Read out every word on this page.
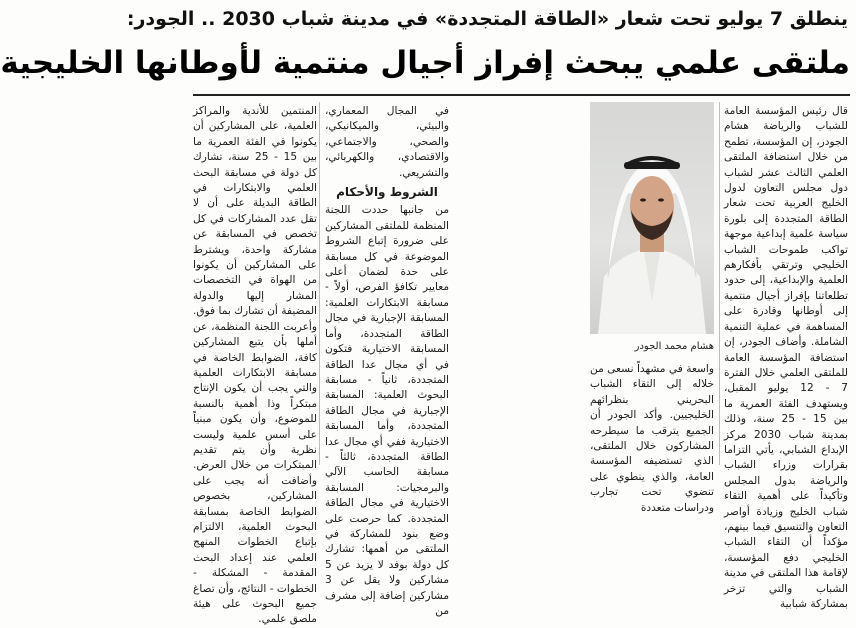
ينطلق 7 يوليو تحت شعار «الطاقة المتجددة» في مدينة شباب 2030 .. الجودر:
ملتقى علمي يبحث إفراز أجيال منتمية لأوطانها الخليجية

قال رئيس المؤسسة العامة للشباب والرياضة هشام الجودر، إن المؤسسة، تطمح من خلال استضافة الملتقى العلمي الثالث عشر لشباب دول مجلس التعاون لدول الخليج العربية تحت شعار الطاقة المتجددة إلى بلورة سياسة علمية إبداعية موجهة تواكب طموحات الشباب الخليجي وترتقي بأفكارهم العلمية والإبداعية، إلى حدود تطلعاتنا بإفراز أجيال منتمية إلى أوطانها وقادرة على المساهمة في عملية التنمية الشاملة. وأضاف الجودر، إن استضافة المؤسسة العامة للملتقى العلمي خلال الفترة 7 - 12 يوليو المقبل، ويستهدف الفئة العمرية ما بين 15 - 25 سنة، وذلك بمدينة شباب 2030 مركز الإبداع الشبابي، يأتي التزاما بقرارات وزراء الشباب والرياضة بدول المجلس وتأكيداً على أهمية التقاء شباب الخليج وزيادة أواصر التعاون والتنسيق فيما بينهم، مؤكداً أن التقاء الشباب الخليجي دفع المؤسسة، لإقامة هذا الملتقى في مدينة الشباب والتي تزخر بمشاركة شبابية

هشام محمد الجودر

واسعة في مشهداً نسعى من خلاله إلى التقاء الشباب البحريني بنظرائهم الخليجيين. وأكد الجودر أن الجميع يترقب ما سيطرحه المشاركون خلال الملتقى، الذي تستضيفه المؤسسة العامة، والذي ينطوي على تنضوي تحت تجارب ودراسات متعددة

في المجال المعماري، والبيئي، والميكانيكي، والصحي، والاجتماعي، والاقتصادي، والكهربائي، والتشريعي.

الشروط والأحكام

من جانبها حددت اللجنة المنظمة للملتقى المشاركين على ضرورة إتباع الشروط الموضوعة في كل مسابقة على حدة لضمان أعلى معايير تكافؤ الفرص، أولاً - مسابقة الابتكارات العلمية: المسابقة الإجبارية في مجال الطاقة المتجددة، وأما المسابقة الاختيارية فتكون في أي مجال عدا الطاقة المتجددة، ثانياً - مسابقة البحوث العلمية: المسابقة الإجبارية في مجال الطاقة المتجددة، وأما المسابقة الاختيارية ففي أي مجال عدا الطاقة المتجددة، ثالثاً - مسابقة الحاسب الآلي والبرمجيات: المسابقة الاختيارية في مجال الطاقة المتجددة. كما حرصت على وضع بنود للمشاركة في الملتقى من أهمها: تشارك كل دولة بوفد لا يزيد عن 5 مشاركين ولا يقل عن 3 مشاركين إضافة إلى مشرف من

المنتمين للأندية والمراكز العلمية، على المشاركين أن يكونوا في الفئة العمرية ما بين 15 - 25 سنة، تشارك كل دولة في مسابقة البحث العلمي والابتكارات في الطاقة البديلة على أن لا تقل عدد المشاركات في كل تخصص في المسابقة عن مشاركة واحدة، ويشترط على المشاركين أن يكونوا من الهواة في التخصصات المشار إليها والدولة المضيفة أن تشارك بما فوق. وأعربت اللجنة المنظمة، عن أملها بأن يتبع المشاركين كافة، الضوابط الخاصة في مسابقة الابتكارات العلمية والتي يجب أن يكون الإنتاج مبتكراً وذا أهمية بالنسبة للموضوع، وأن يكون مبنياً على أسس علمية وليست نظرية وأن يتم تقديم المبتكرات من خلال العرض. وأضافت أنه يجب على المشاركين، بخصوص الضوابط الخاصة بمسابقة البحوث العلمية، الالتزام بإتباع الخطوات المنهج العلمي عند إعداد البحث المقدمة - المشكلة - الخطوات - النتائج، وأن تصاغ جميع البحوث على هيئة ملصق علمي.
